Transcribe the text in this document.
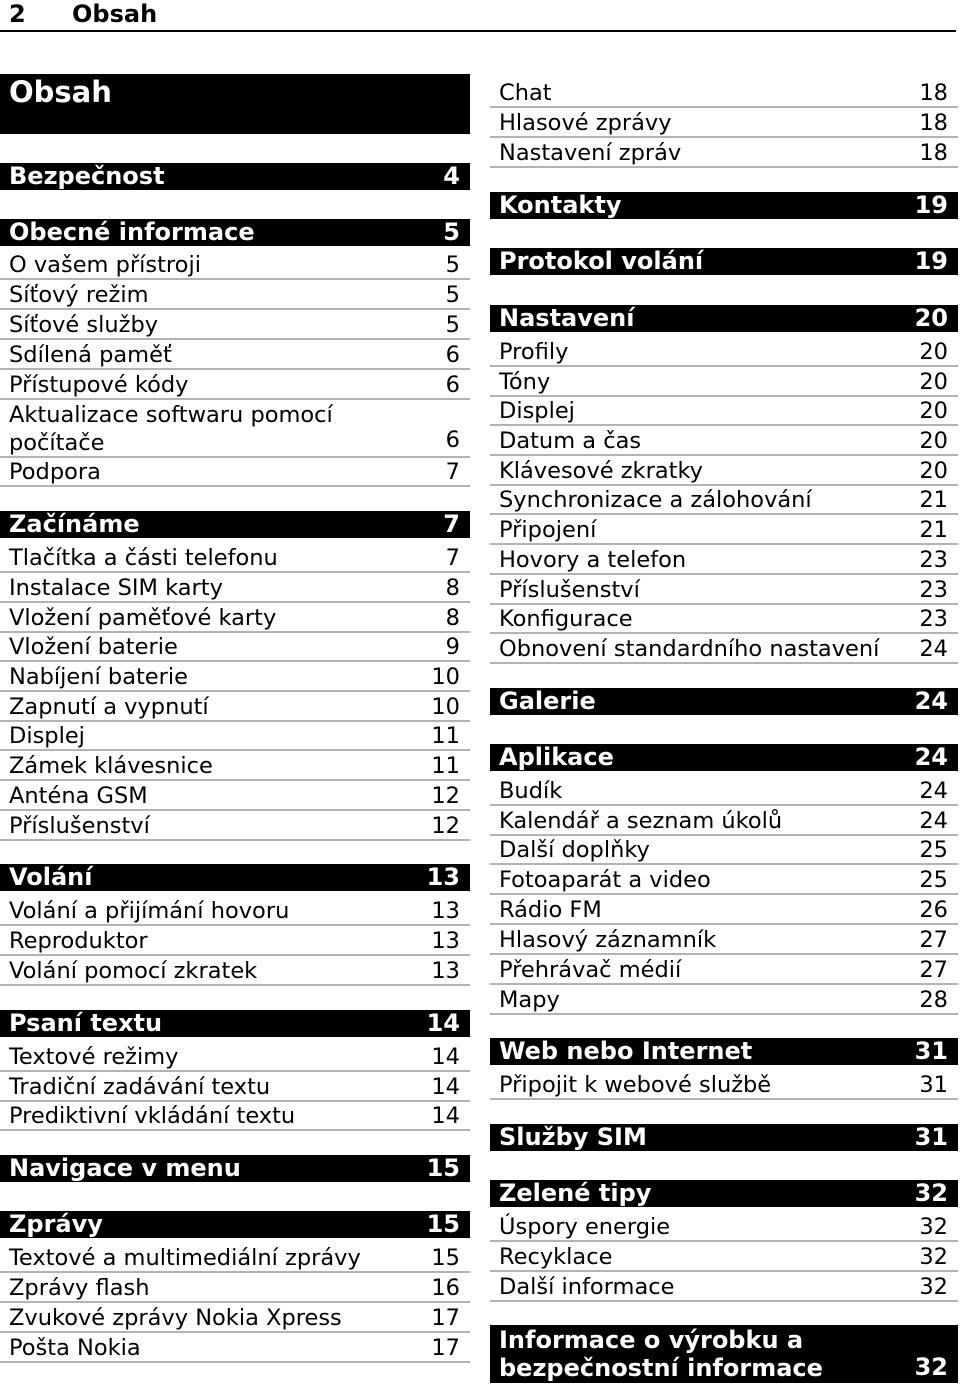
2 Obsah
Obsah
Bezpečnost	4
Obecné informace	5
O vašem přístroji	5
Síťový režim	5
Síťové služby	5
Sdílená paměť	6
Přístupové kódy	6
Aktualizace softwaru pomocí počítače	6
Podpora	7
Začínáme	7
Tlačítka a části telefonu	7
Instalace SIM karty	8
Vložení paměťové karty	8
Vložení baterie	9
Nabíjení baterie	10
Zapnutí a vypnutí	10
Displej	11
Zámek klávesnice	11
Anténa GSM	12
Příslušenství	12
Volání	13
Volání a přijímání hovoru	13
Reproduktor	13
Volání pomocí zkratek	13
Psaní textu	14
Textové režimy	14
Tradiční zadávání textu	14
Prediktivní vkládání textu	14
Navigace v menu	15
Zprávy	15
Textové a multimediální zprávy	15
Zprávy flash	16
Zvukové zprávy Nokia Xpress	17
Pošta Nokia	17
Chat	18
Hlasové zprávy	18
Nastavení zpráv	18
Kontakty	19
Protokol volání	19
Nastavení	20
Profily	20
Tóny	20
Displej	20
Datum a čas	20
Klávesové zkratky	20
Synchronizace a zálohování	21
Připojení	21
Hovory a telefon	23
Příslušenství	23
Konfigurace	23
Obnovení standardního nastavení 24
Galerie	24
Aplikace	24
Budík	24
Kalendář a seznam úkolů	24
Další doplňky	25
Fotoaparát a video	25
Rádio FM	26
Hlasový záznamník	27
Přehrávač médií	27
Mapy	28
Web nebo Internet	31
Připojit k webové službě	31
Služby SIM	31
Zelené tipy	32
Úspory energie	32
Recyklace	32
Další informace	32
Informace o výrobku a bezpečnostní informace	32
